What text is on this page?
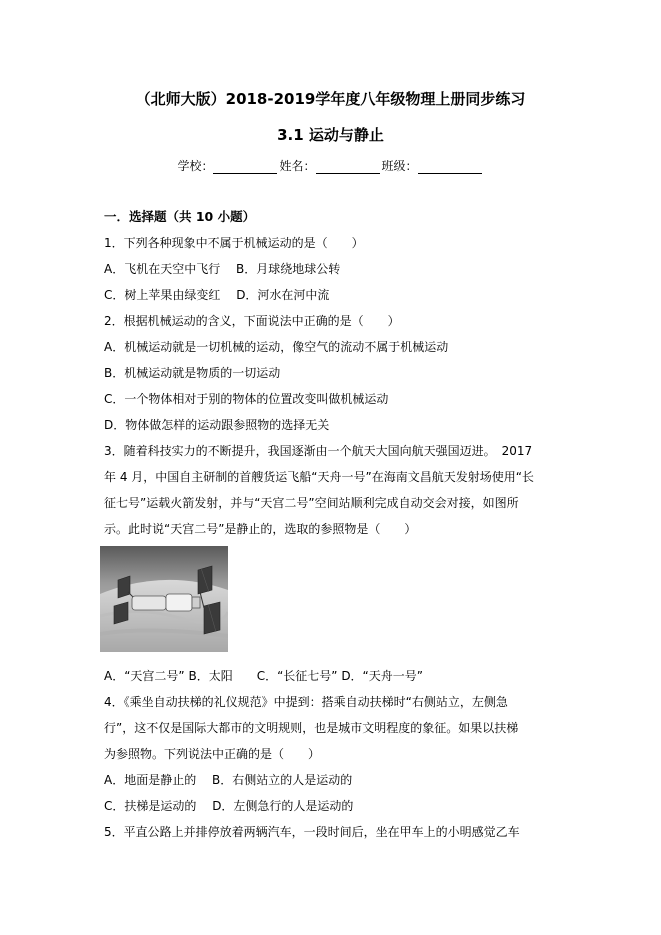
（北师大版）2018-2019学年度八年级物理上册同步练习
3.1 运动与静止
学校：	姓名：	班级：
一．选择题（共 10 小题）
1．下列各种现象中不属于机械运动的是（　　）
A．飞机在天空中飞行　 B．月球绕地球公转
C．树上苹果由绿变红　 D．河水在河中流
2．根据机械运动的含义，下面说法中正确的是（　　）
A．机械运动就是一切机械的运动，像空气的流动不属于机械运动
B．机械运动就是物质的一切运动
C．一个物体相对于别的物体的位置改变叫做机械运动
D．物体做怎样的运动跟参照物的选择无关
3．随着科技实力的不断提升，我国逐渐由一个航天大国向航天强国迈进。　2017
年 4 月，中国自主研制的首艘货运飞船“天舟一号”在海南文昌航天发射场使用“长
征七号”运载火箭发射，并与“天宫二号”空间站顺利完成自动交会对接，如图所
示。此时说“天宫二号”是静止的，选取的参照物是（　　）
A．“天宫二号” B．太阳　　C．“长征七号” D．“天舟一号”
4．《乘坐自动扶梯的礼仪规范》中提到：搭乘自动扶梯时“右侧站立，左侧急
行”，这不仅是国际大都市的文明规则，也是城市文明程度的象征。如果以扶梯
为参照物。下列说法中正确的是（　　）
A．地面是静止的　 B．右侧站立的人是运动的
C．扶梯是运动的　 D．左侧急行的人是运动的
5．平直公路上并排停放着两辆汽车，一段时间后，坐在甲车上的小明感觉乙车
